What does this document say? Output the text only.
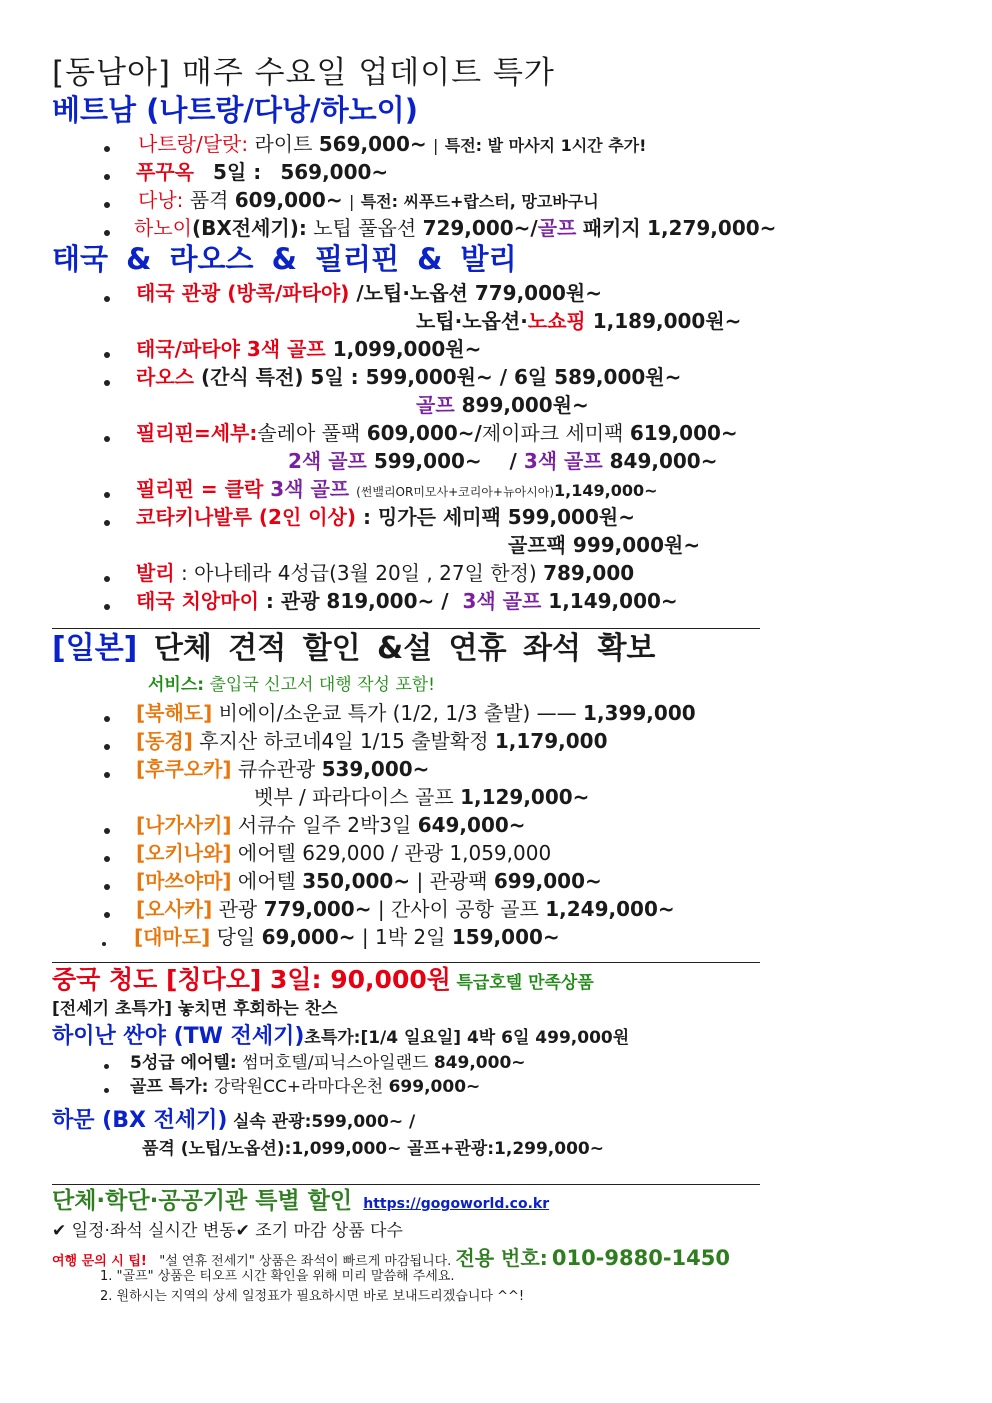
[동남아] 매주 수요일 업데이트 특가
베트남 (나트랑/다낭/하노이)
나트랑/달랏: 라이트 569,000~ | 특전: 발 마사지 1시간 추가!
푸꾸옥 5일 : 569,000~
다낭: 품격 609,000~ | 특전: 씨푸드+랍스터, 망고바구니
하노이(BX전세기): 노팁 풀옵션 729,000~/골프 패키지 1,279,000~
태국 & 라오스 & 필리핀 & 발리
태국 관광 (방콕/파타야) /노팁·노옵션 779,000원~
노팁·노옵션·노쇼핑 1,189,000원~
태국/파타야 3색 골프 1,099,000원~
라오스 (간식 특전) 5일 : 599,000원~ / 6일 589,000원~
골프 899,000원~
필리핀=세부:솔레아 풀팩 609,000~/제이파크 세미팩 619,000~
2색 골프 599,000~ / 3색 골프 849,000~
필리핀 = 클락 3색 골프 (썬밸리OR미모사+코리아+뉴아시아)1,149,000~
코타키나발루 (2인 이상) : 밍가든 세미팩 599,000원~
골프팩 999,000원~
발리 : 아나테라 4성급(3월 20일 , 27일 한정) 789,000
태국 치앙마이 : 관광 819,000~ / 3색 골프 1,149,000~
[일본] 단체 견적 할인 &설 연휴 좌석 확보
서비스: 출입국 신고서 대행 작성 포함!
[북해도] 비에이/소운쿄 특가 (1/2, 1/3 출발) —— 1,399,000
[동경] 후지산 하코네4일 1/15 출발확정 1,179,000
[후쿠오카] 큐슈관광 539,000~
벳부 / 파라다이스 골프 1,129,000~
[나가사키] 서큐슈 일주 2박3일 649,000~
[오키나와] 에어텔 629,000 / 관광 1,059,000
[마쓰야마] 에어텔 350,000~ | 관광팩 699,000~
[오사카] 관광 779,000~ | 간사이 공항 골프 1,249,000~
[대마도] 당일 69,000~ | 1박 2일 159,000~
중국 청도 [칭다오] 3일: 90,000원 특급호텔 만족상품
[전세기 초특가] 놓치면 후회하는 찬스
하이난 싼야 (TW 전세기)초특가:[1/4 일요일] 4박 6일 499,000원
5성급 에어텔: 썸머호텔/피닉스아일랜드 849,000~
골프 특가: 강락원CC+라마다온천 699,000~
하문 (BX 전세기) 실속 관광:599,000~ /
품격 (노팁/노옵션):1,099,000~ 골프+관광:1,299,000~
단체·학단·공공기관 특별 할인 https://gogoworld.co.kr
✔ 일정·좌석 실시간 변동✔ 조기 마감 상품 다수
여행 문의 시 팁! "설 연휴 전세기" 상품은 좌석이 빠르게 마감됩니다. 전용 번호: 010-9880-1450
1. "골프" 상품은 티오프 시간 확인을 위해 미리 말씀해 주세요.
2. 원하시는 지역의 상세 일정표가 필요하시면 바로 보내드리겠습니다 ^^!
